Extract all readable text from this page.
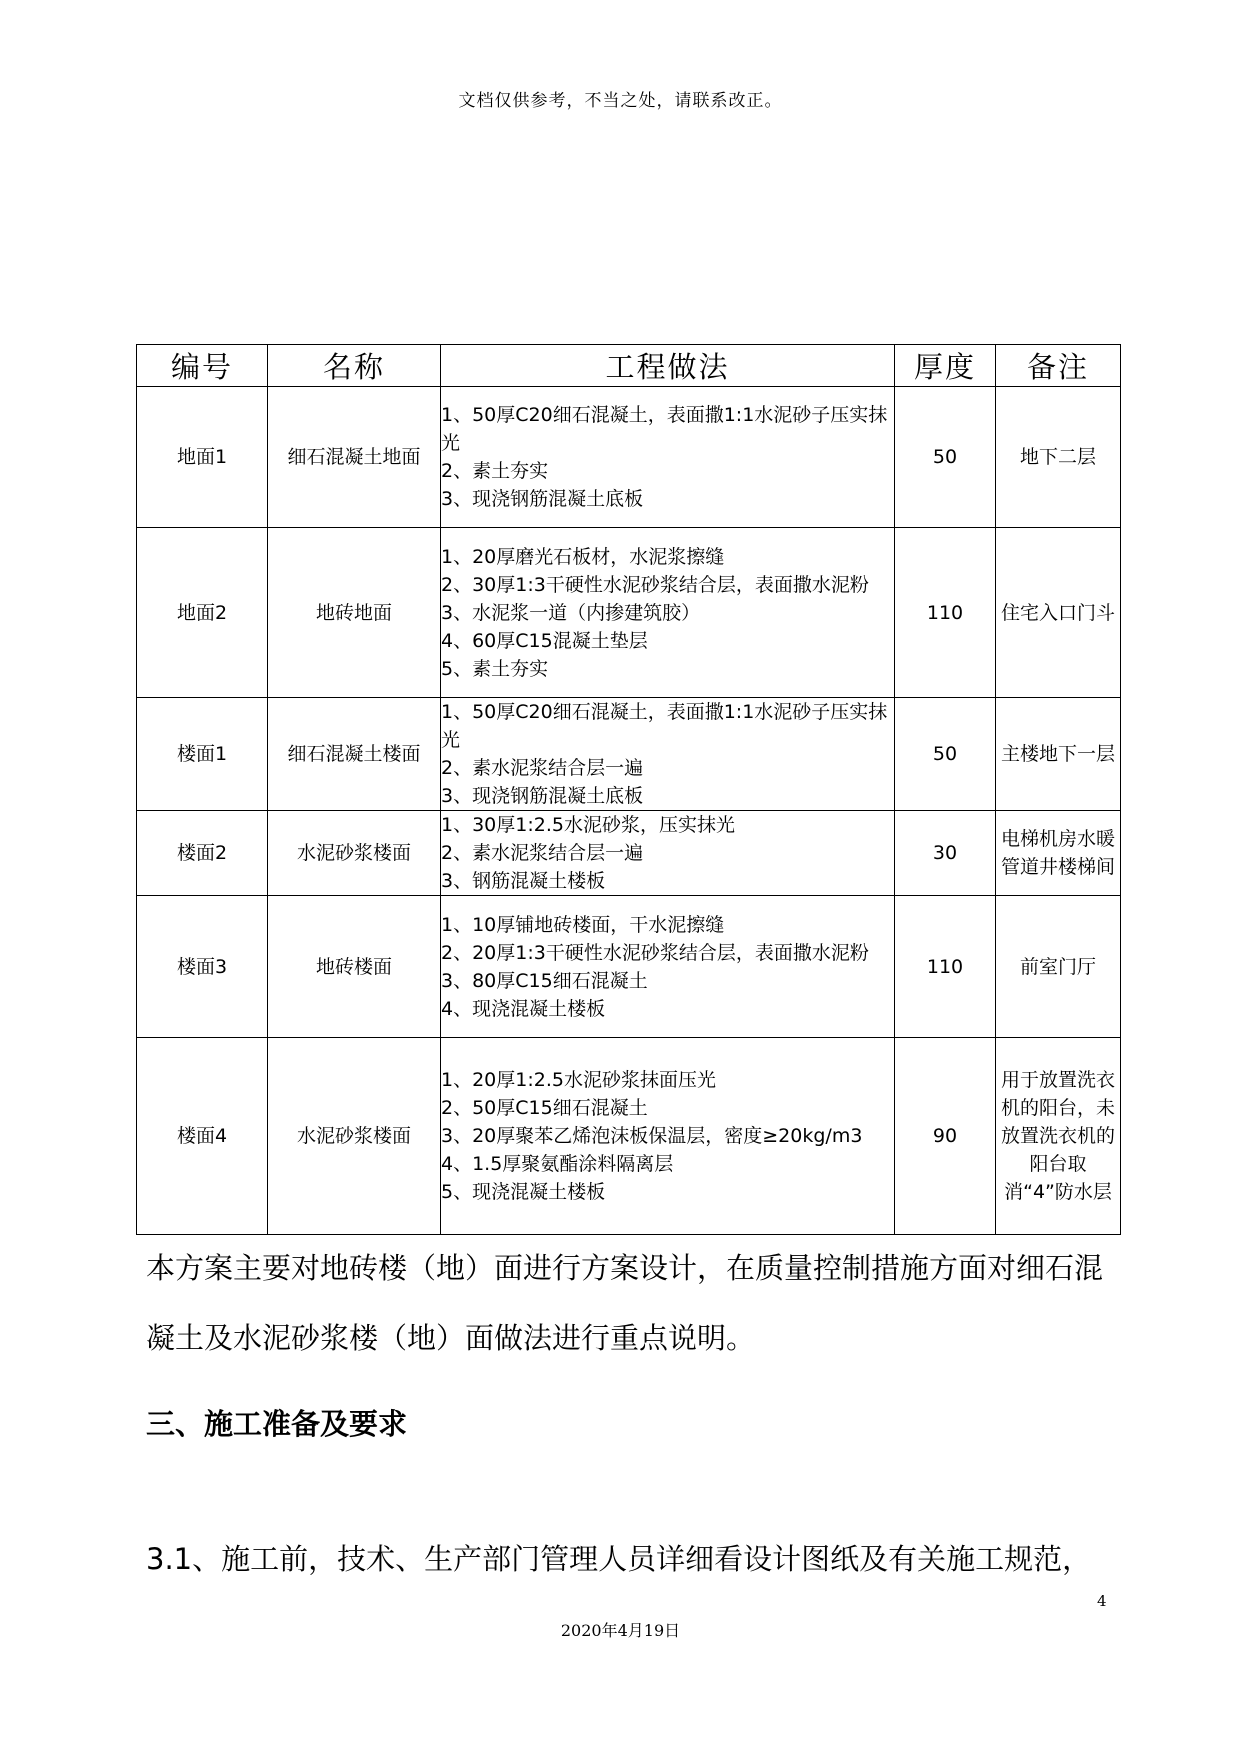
文档仅供参考，不当之处，请联系改正。
编号	名称	工程做法	厚度	备注
地面1	细石混凝土地面	1、50厚C20细石混凝土，表面撒1:1水泥砂子压实抹光
2、素土夯实
3、现浇钢筋混凝土底板	50	地下二层
地面2	地砖地面	1、20厚磨光石板材，水泥浆擦缝
2、30厚1:3干硬性水泥砂浆结合层，表面撒水泥粉
3、水泥浆一道（内掺建筑胶）
4、60厚C15混凝土垫层
5、素土夯实	110	住宅入口门斗
楼面1	细石混凝土楼面	1、50厚C20细石混凝土，表面撒1:1水泥砂子压实抹光
2、素水泥浆结合层一遍
3、现浇钢筋混凝土底板	50	主楼地下一层
楼面2	水泥砂浆楼面	1、30厚1:2.5水泥砂浆，压实抹光
2、素水泥浆结合层一遍
3、钢筋混凝土楼板	30	电梯机房水暖管道井楼梯间
楼面3	地砖楼面	1、10厚铺地砖楼面，干水泥擦缝
2、20厚1:3干硬性水泥砂浆结合层，表面撒水泥粉
3、80厚C15细石混凝土
4、现浇混凝土楼板	110	前室门厅
楼面4	水泥砂浆楼面	1、20厚1:2.5水泥砂浆抹面压光
2、50厚C15细石混凝土
3、20厚聚苯乙烯泡沫板保温层，密度≥20kg/m3
4、1.5厚聚氨酯涂料隔离层
5、现浇混凝土楼板	90	用于放置洗衣机的阳台，未放置洗衣机的阳台取消“4”防水层
本方案主要对地砖楼（地）面进行方案设计，在质量控制措施方面对细石混凝土及水泥砂浆楼（地）面做法进行重点说明。
三、施工准备及要求
3.1、施工前，技术、生产部门管理人员详细看设计图纸及有关施工规范，
4
2020年4月19日
